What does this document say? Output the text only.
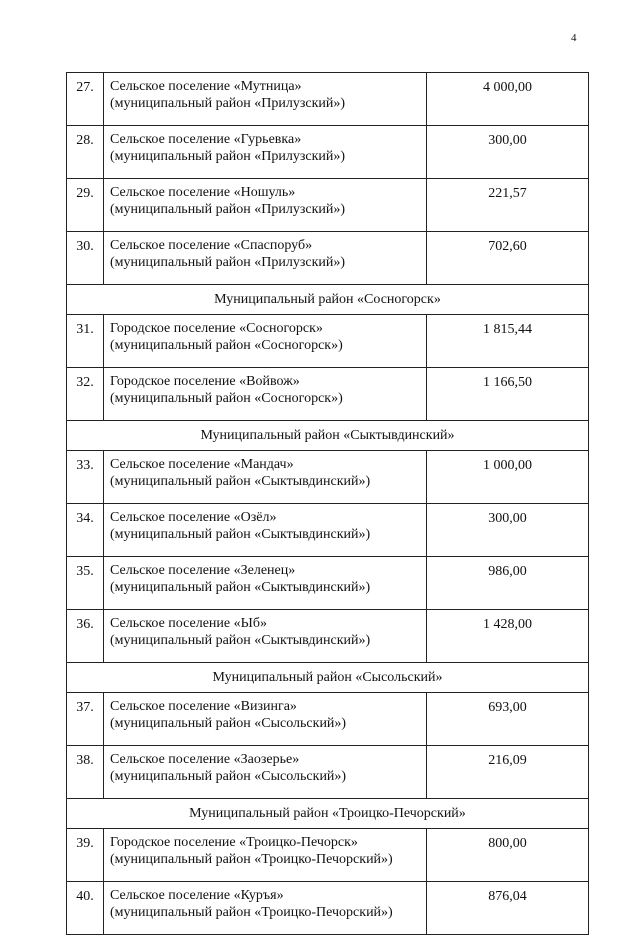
4
27.	Сельское поселение «Мутница»
(муниципальный район «Прилузский»)	4 000,00
28.	Сельское поселение «Гурьевка»
(муниципальный район «Прилузский»)	300,00
29.	Сельское поселение «Ношуль»
(муниципальный район «Прилузский»)	221,57
30.	Сельское поселение «Спаспоруб»
(муниципальный район «Прилузский»)	702,60
Муниципальный район «Сосногорск»		
31.	Городское поселение «Сосногорск»
(муниципальный район «Сосногорск»)	1 815,44
32.	Городское поселение «Войвож»
(муниципальный район «Сосногорск»)	1 166,50
Муниципальный район «Сыктывдинский»		
33.	Сельское поселение «Мандач»
(муниципальный район «Сыктывдинский»)	1 000,00
34.	Сельское поселение «Озёл»
(муниципальный район «Сыктывдинский»)	300,00
35.	Сельское поселение «Зеленец»
(муниципальный район «Сыктывдинский»)	986,00
36.	Сельское поселение «Ыб»
(муниципальный район «Сыктывдинский»)	1 428,00
Муниципальный район «Сысольский»		
37.	Сельское поселение «Визинга»
(муниципальный район «Сысольский»)	693,00
38.	Сельское поселение «Заозерье»
(муниципальный район «Сысольский»)	216,09
Муниципальный район «Троицко-Печорский»		
39.	Городское поселение «Троицко-Печорск»
(муниципальный район «Троицко-Печорский»)	800,00
40.	Сельское поселение «Куръя»
(муниципальный район «Троицко-Печорский»)	876,04
